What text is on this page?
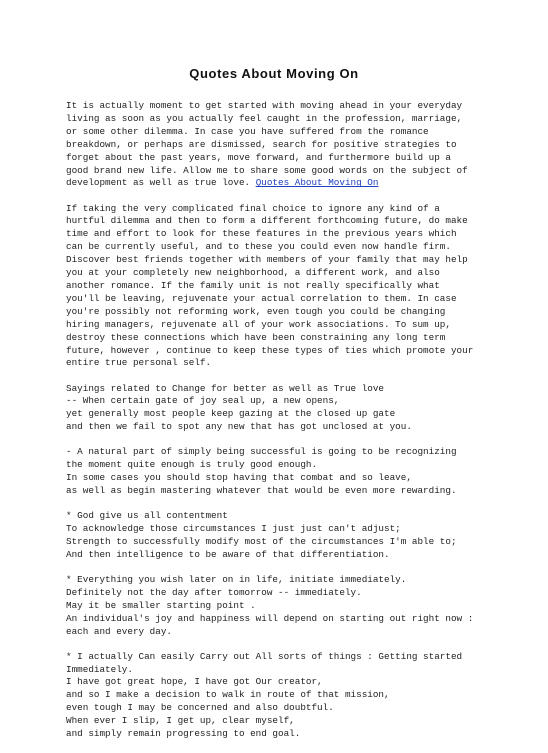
Quotes About Moving On
It is actually moment to get started with moving ahead in your everyday
living as soon as you actually feel caught in the profession, marriage,
or some other dilemma. In case you have suffered from the romance
breakdown, or perhaps are dismissed, search for positive strategies to
forget about the past years, move forward, and furthermore build up a
good brand new life. Allow me to share some good words on the subject of
development as well as true love. Quotes About Moving On
If taking the very complicated final choice to ignore any kind of a
hurtful dilemma and then to form a different forthcoming future, do make
time and effort to look for these features in the previous years which
can be currently useful, and to these you could even now handle firm.
Discover best friends together with members of your family that may help
you at your completely new neighborhood, a different work, and also
another romance. If the family unit is not really specifically what
you'll be leaving, rejuvenate your actual correlation to them. In case
you're possibly not reforming work, even tough you could be changing
hiring managers, rejuvenate all of your work associations. To sum up,
destroy these connections which have been constraining any long term
future, however , continue to keep these types of ties which promote your
entire true personal self.
Sayings related to Change for better as well as True love
-- When certain gate of joy seal up, a new opens,
yet generally most people keep gazing at the closed up gate
and then we fail to spot any new that has got unclosed at you.
- A natural part of simply being successful is going to be recognizing
the moment quite enough is truly good enough.
In some cases you should stop having that combat and so leave,
as well as begin mastering whatever that would be even more rewarding.
* God give us all contentment
To acknowledge those circumstances I just just can't adjust;
Strength to successfully modify most of the circumstances I'm able to;
And then intelligence to be aware of that differentiation.
* Everything you wish later on in life, initiate immediately.
Definitely not the day after tomorrow -- immediately.
May it be smaller starting point .
An individual's joy and happiness will depend on starting out right now :
each and every day.
* I actually Can easily Carry out All sorts of things : Getting started
Immediately.
I have got great hope, I have got Our creator,
and so I make a decision to walk in route of that mission,
even tough I may be concerned and also doubtful.
When ever I slip, I get up, clear myself,
and simply remain progressing to end goal.
